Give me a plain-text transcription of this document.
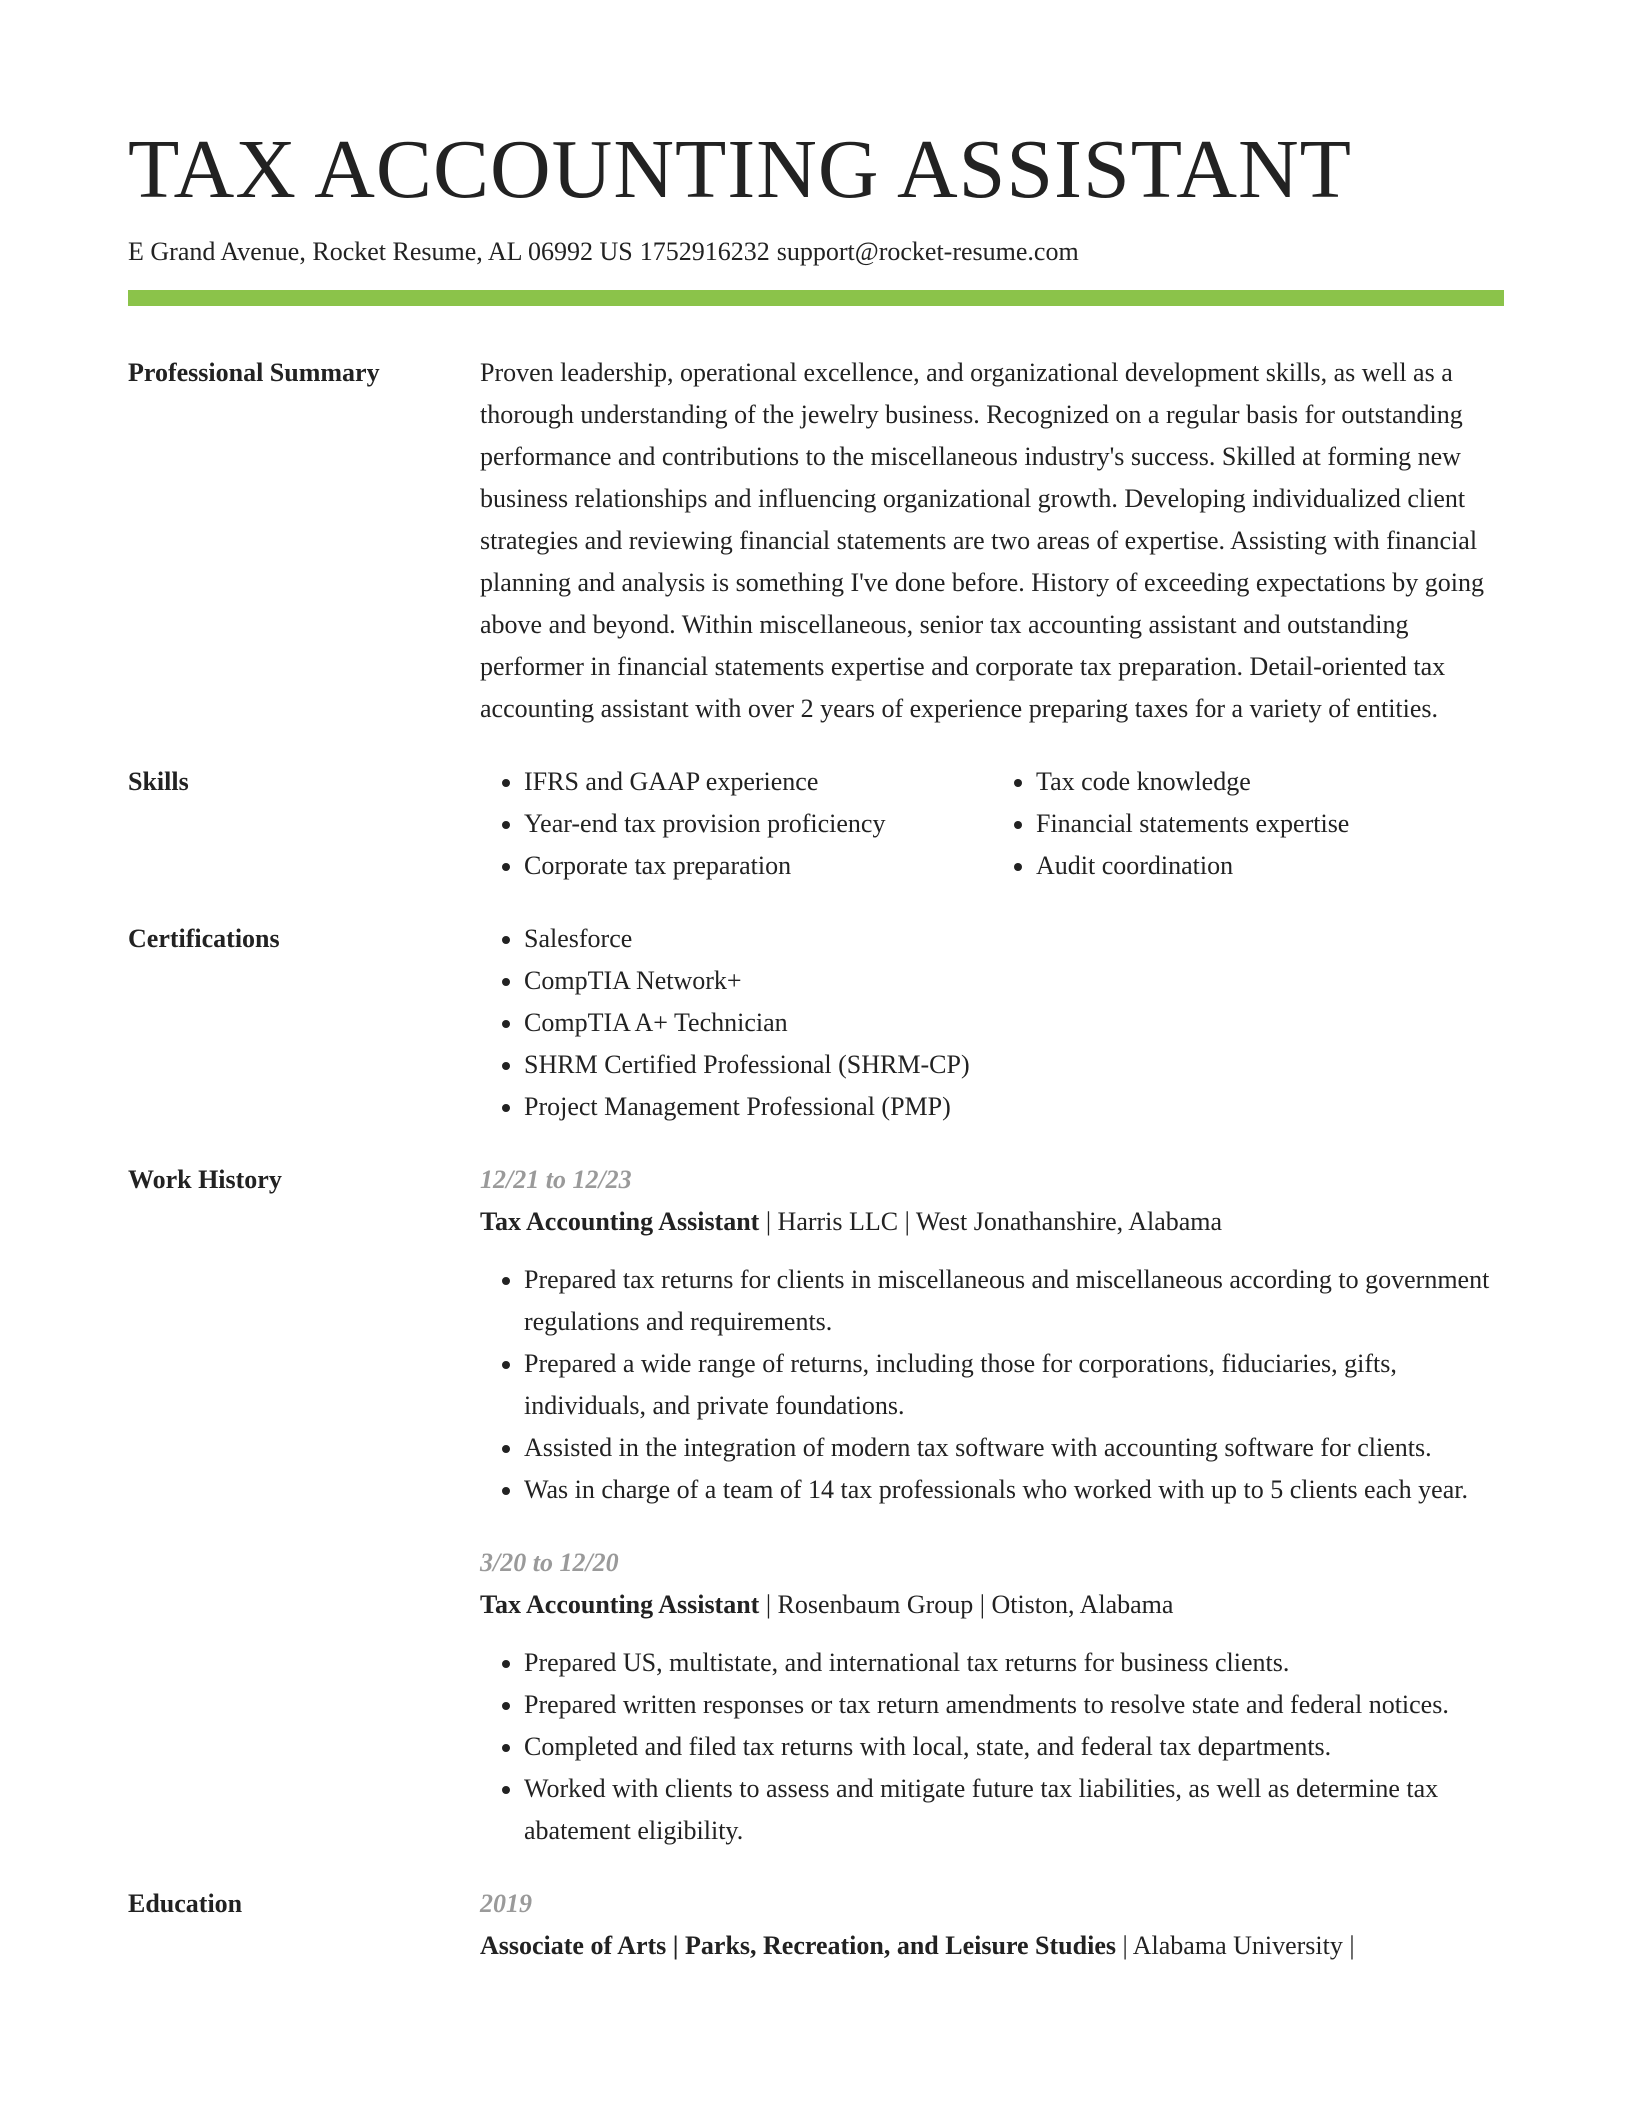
TAX ACCOUNTING ASSISTANT
E Grand Avenue, Rocket Resume, AL 06992 US 1752916232 support@rocket-resume.com
Professional Summary	Proven leadership, operational excellence, and organizational development skills, as well as a thorough understanding of the jewelry business. Recognized on a regular basis for outstanding performance and contributions to the miscellaneous industry's success. Skilled at forming new business relationships and influencing organizational growth. Developing individualized client strategies and reviewing financial statements are two areas of expertise. Assisting with financial planning and analysis is something I've done before. History of exceeding expectations by going above and beyond. Within miscellaneous, senior tax accounting assistant and outstanding performer in financial statements expertise and corporate tax preparation. Detail-oriented tax accounting assistant with over 2 years of experience preparing taxes for a variety of entities.

Skills	• IFRS and GAAP experience
• Year-end tax provision proficiency
• Corporate tax preparation
• Tax code knowledge
• Financial statements expertise
• Audit coordination
Certifications	• Salesforce
• CompTIA Network+
• CompTIA A+ Technician
• SHRM Certified Professional (SHRM-CP)
• Project Management Professional (PMP)
Work History	12/21 to 12/23
Tax Accounting Assistant | Harris LLC | West Jonathanshire, Alabama
• Prepared tax returns for clients in miscellaneous and miscellaneous according to government regulations and requirements.
• Prepared a wide range of returns, including those for corporations, fiduciaries, gifts, individuals, and private foundations.
• Assisted in the integration of modern tax software with accounting software for clients.
• Was in charge of a team of 14 tax professionals who worked with up to 5 clients each year.
3/20 to 12/20
Tax Accounting Assistant | Rosenbaum Group | Otiston, Alabama
• Prepared US, multistate, and international tax returns for business clients.
• Prepared written responses or tax return amendments to resolve state and federal notices.
• Completed and filed tax returns with local, state, and federal tax departments.
• Worked with clients to assess and mitigate future tax liabilities, as well as determine tax abatement eligibility.
Education	2019
Associate of Arts | Parks, Recreation, and Leisure Studies | Alabama University |
